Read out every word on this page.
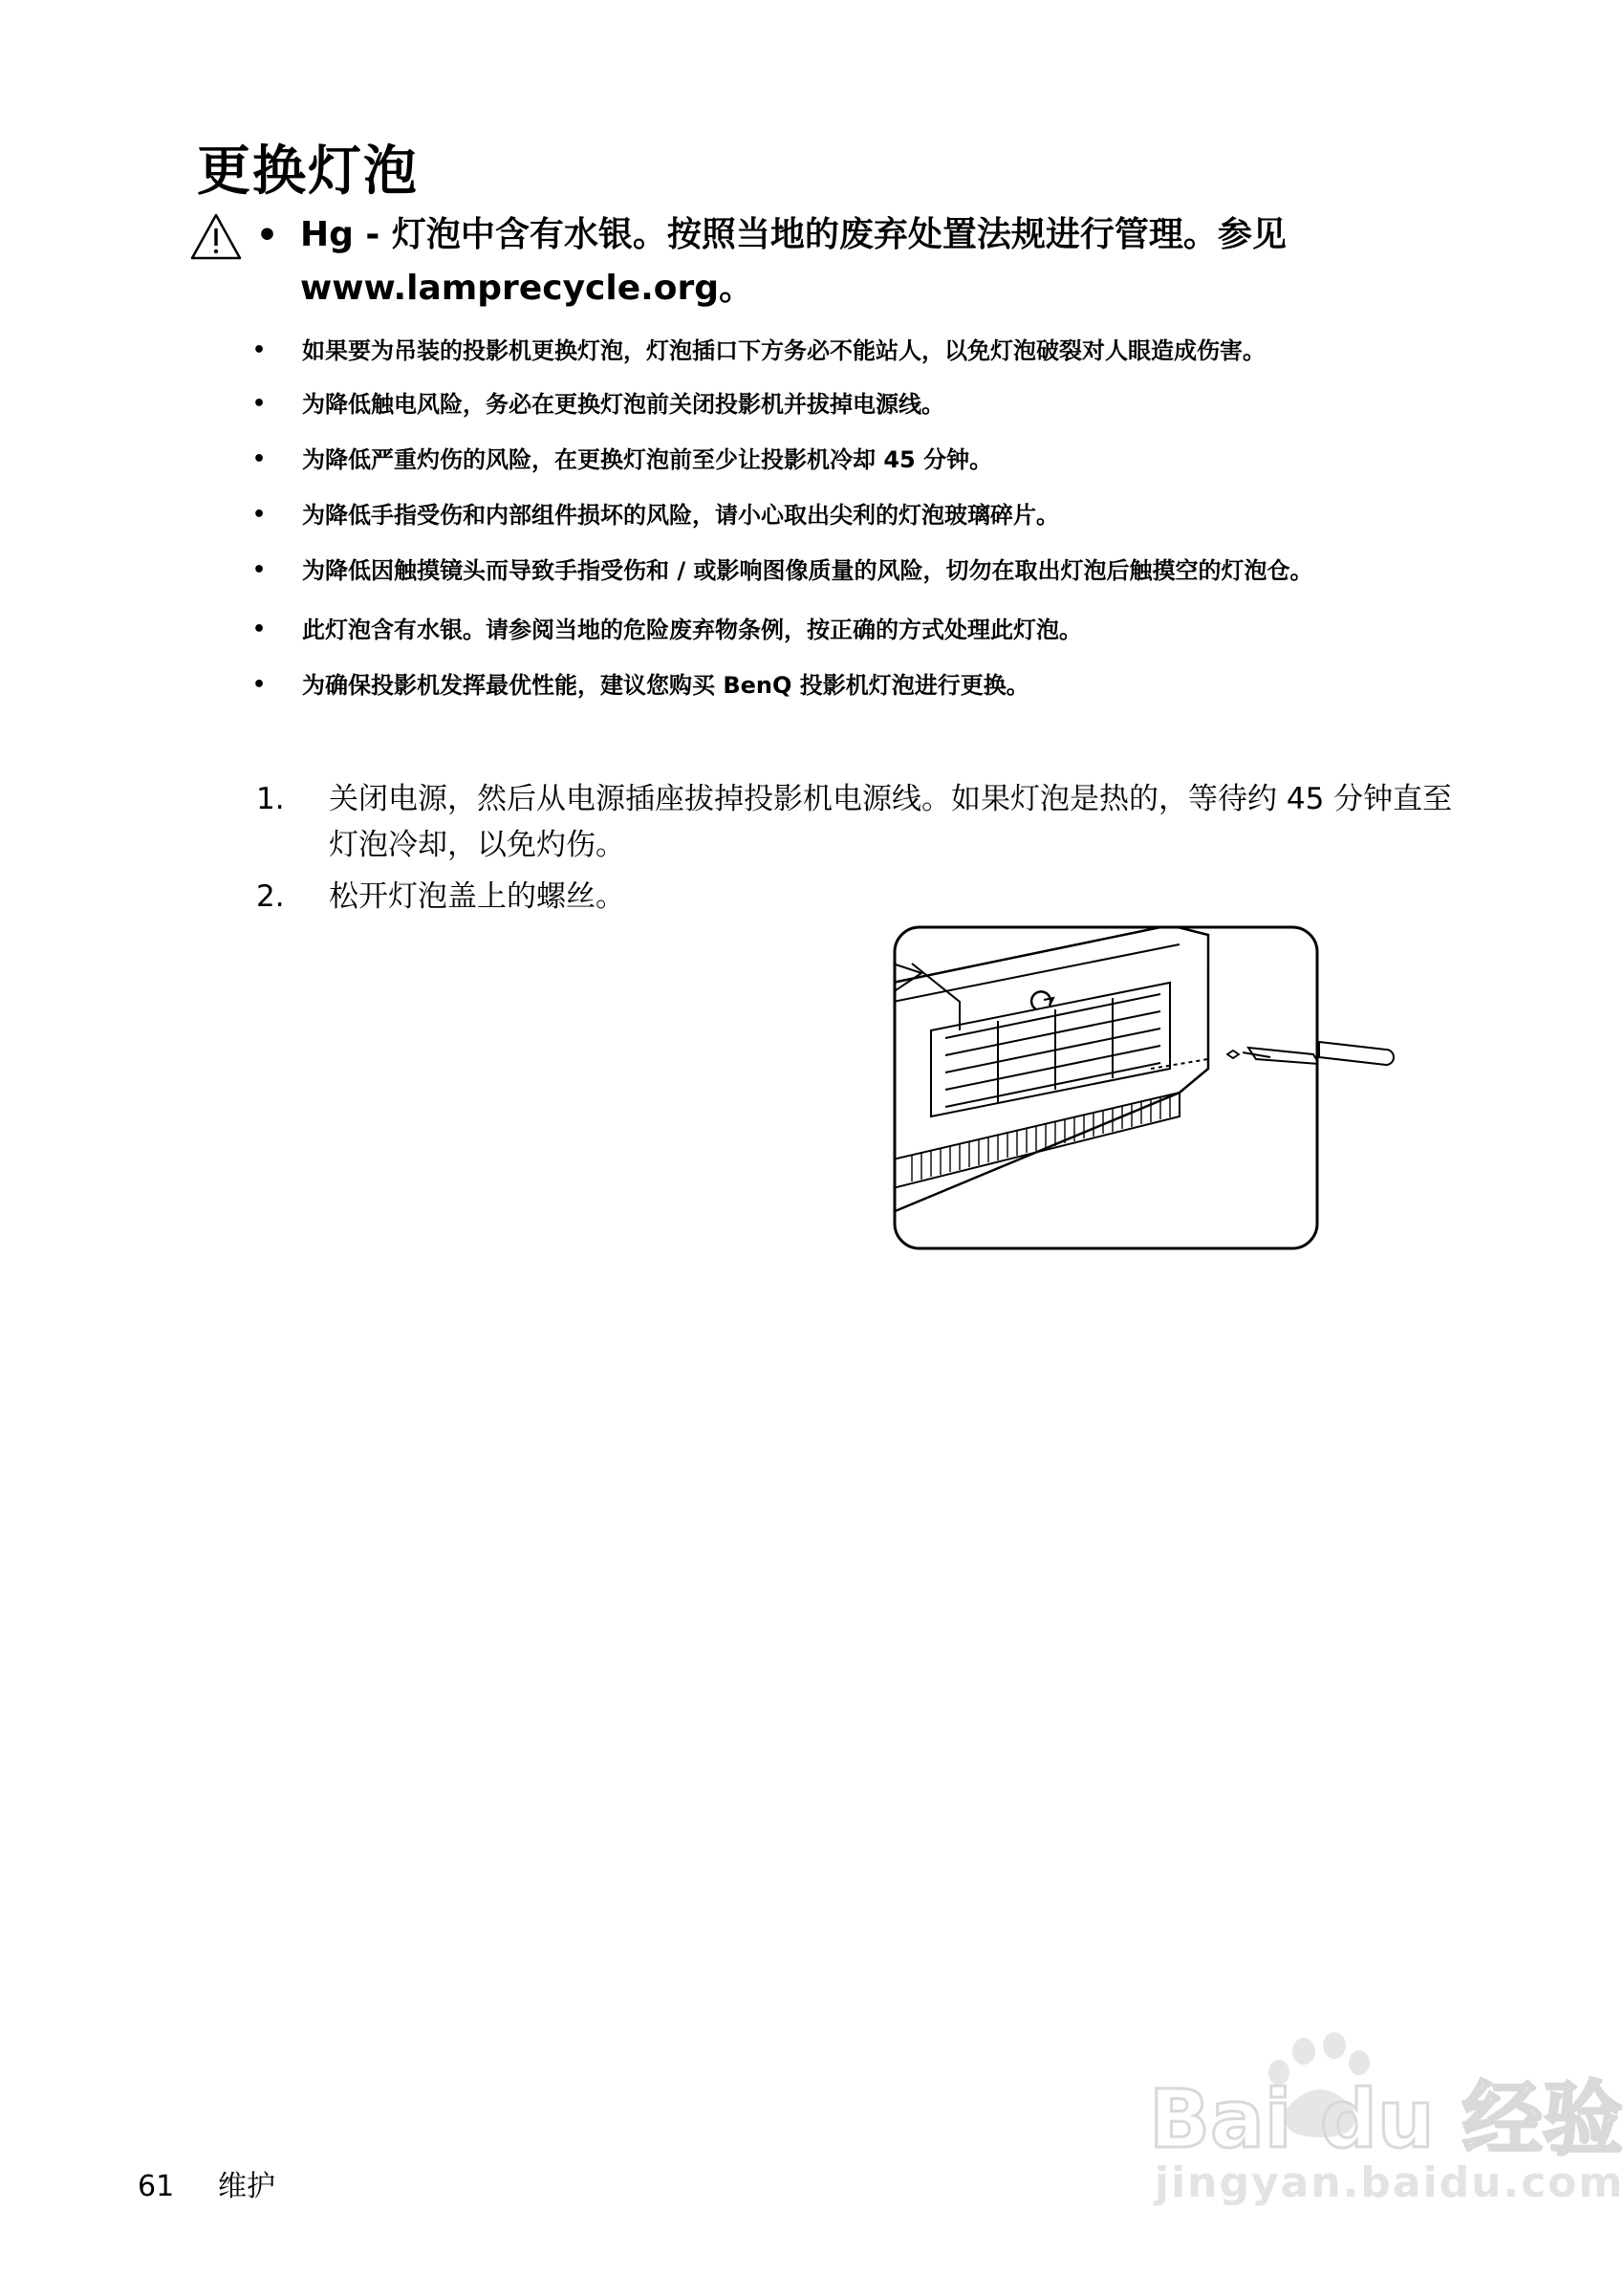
更换灯泡
• Hg - 灯泡中含有水银。按照当地的废弃处置法规进行管理。参见 www.lamprecycle.org。
• 如果要为吊装的投影机更换灯泡，灯泡插口下方务必不能站人，以免灯泡破裂对人眼造成伤害。
• 为降低触电风险，务必在更换灯泡前关闭投影机并拔掉电源线。
• 为降低严重灼伤的风险，在更换灯泡前至少让投影机冷却 45 分钟。
• 为降低手指受伤和内部组件损坏的风险，请小心取出尖利的灯泡玻璃碎片。
• 为降低因触摸镜头而导致手指受伤和 / 或影响图像质量的风险，切勿在取出灯泡后触摸空的灯泡仓。
• 此灯泡含有水银。请参阅当地的危险废弃物条例，按正确的方式处理此灯泡。
• 为确保投影机发挥最优性能，建议您购买 BenQ 投影机灯泡进行更换。
1. 关闭电源，然后从电源插座拔掉投影机电源线。如果灯泡是热的，等待约 45 分钟直至灯泡冷却，以免灼伤。
2. 松开灯泡盖上的螺丝。
61 维护
Bai du 经验
jingyan.baidu.com
